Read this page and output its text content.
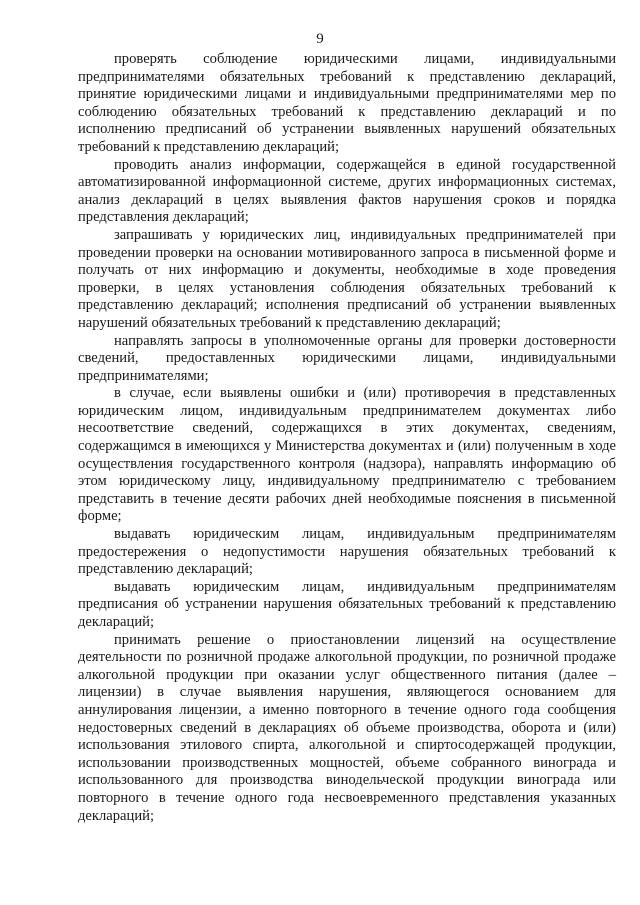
9

проверять соблюдение юридическими лицами, индивидуальными предпринимателями обязательных требований к представлению деклараций, принятие юридическими лицами и индивидуальными предпринимателями мер по соблюдению обязательных требований к представлению деклараций и по исполнению предписаний об устранении выявленных нарушений обязательных требований к представлению деклараций;

проводить анализ информации, содержащейся в единой государственной автоматизированной информационной системе, других информационных системах, анализ деклараций в целях выявления фактов нарушения сроков и порядка представления деклараций;

запрашивать у юридических лиц, индивидуальных предпринимателей при проведении проверки на основании мотивированного запроса в письменной форме и получать от них информацию и документы, необходимые в ходе проведения проверки, в целях установления соблюдения обязательных требований к представлению деклараций; исполнения предписаний об устранении выявленных нарушений обязательных требований к представлению деклараций;

направлять запросы в уполномоченные органы для проверки достоверности сведений, предоставленных юридическими лицами, индивидуальными предпринимателями;

в случае, если выявлены ошибки и (или) противоречия в представленных юридическим лицом, индивидуальным предпринимателем документах либо несоответствие сведений, содержащихся в этих документах, сведениям, содержащимся в имеющихся у Министерства документах и (или) полученным в ходе осуществления государственного контроля (надзора), направлять информацию об этом юридическому лицу, индивидуальному предпринимателю с требованием представить в течение десяти рабочих дней необходимые пояснения в письменной форме;

выдавать юридическим лицам, индивидуальным предпринимателям предостережения о недопустимости нарушения обязательных требований к представлению деклараций;

выдавать юридическим лицам, индивидуальным предпринимателям предписания об устранении нарушения обязательных требований к представлению деклараций;

принимать решение о приостановлении лицензий на осуществление деятельности по розничной продаже алкогольной продукции, по розничной продаже алкогольной продукции при оказании услуг общественного питания (далее – лицензии) в случае выявления нарушения, являющегося основанием для аннулирования лицензии, а именно повторного в течение одного года сообщения недостоверных сведений в декларациях об объеме производства, оборота и (или) использования этилового спирта, алкогольной и спиртосодержащей продукции, использовании производственных мощностей, объеме собранного винограда и использованного для производства винодельческой продукции винограда или повторного в течение одного года несвоевременного представления указанных деклараций;
